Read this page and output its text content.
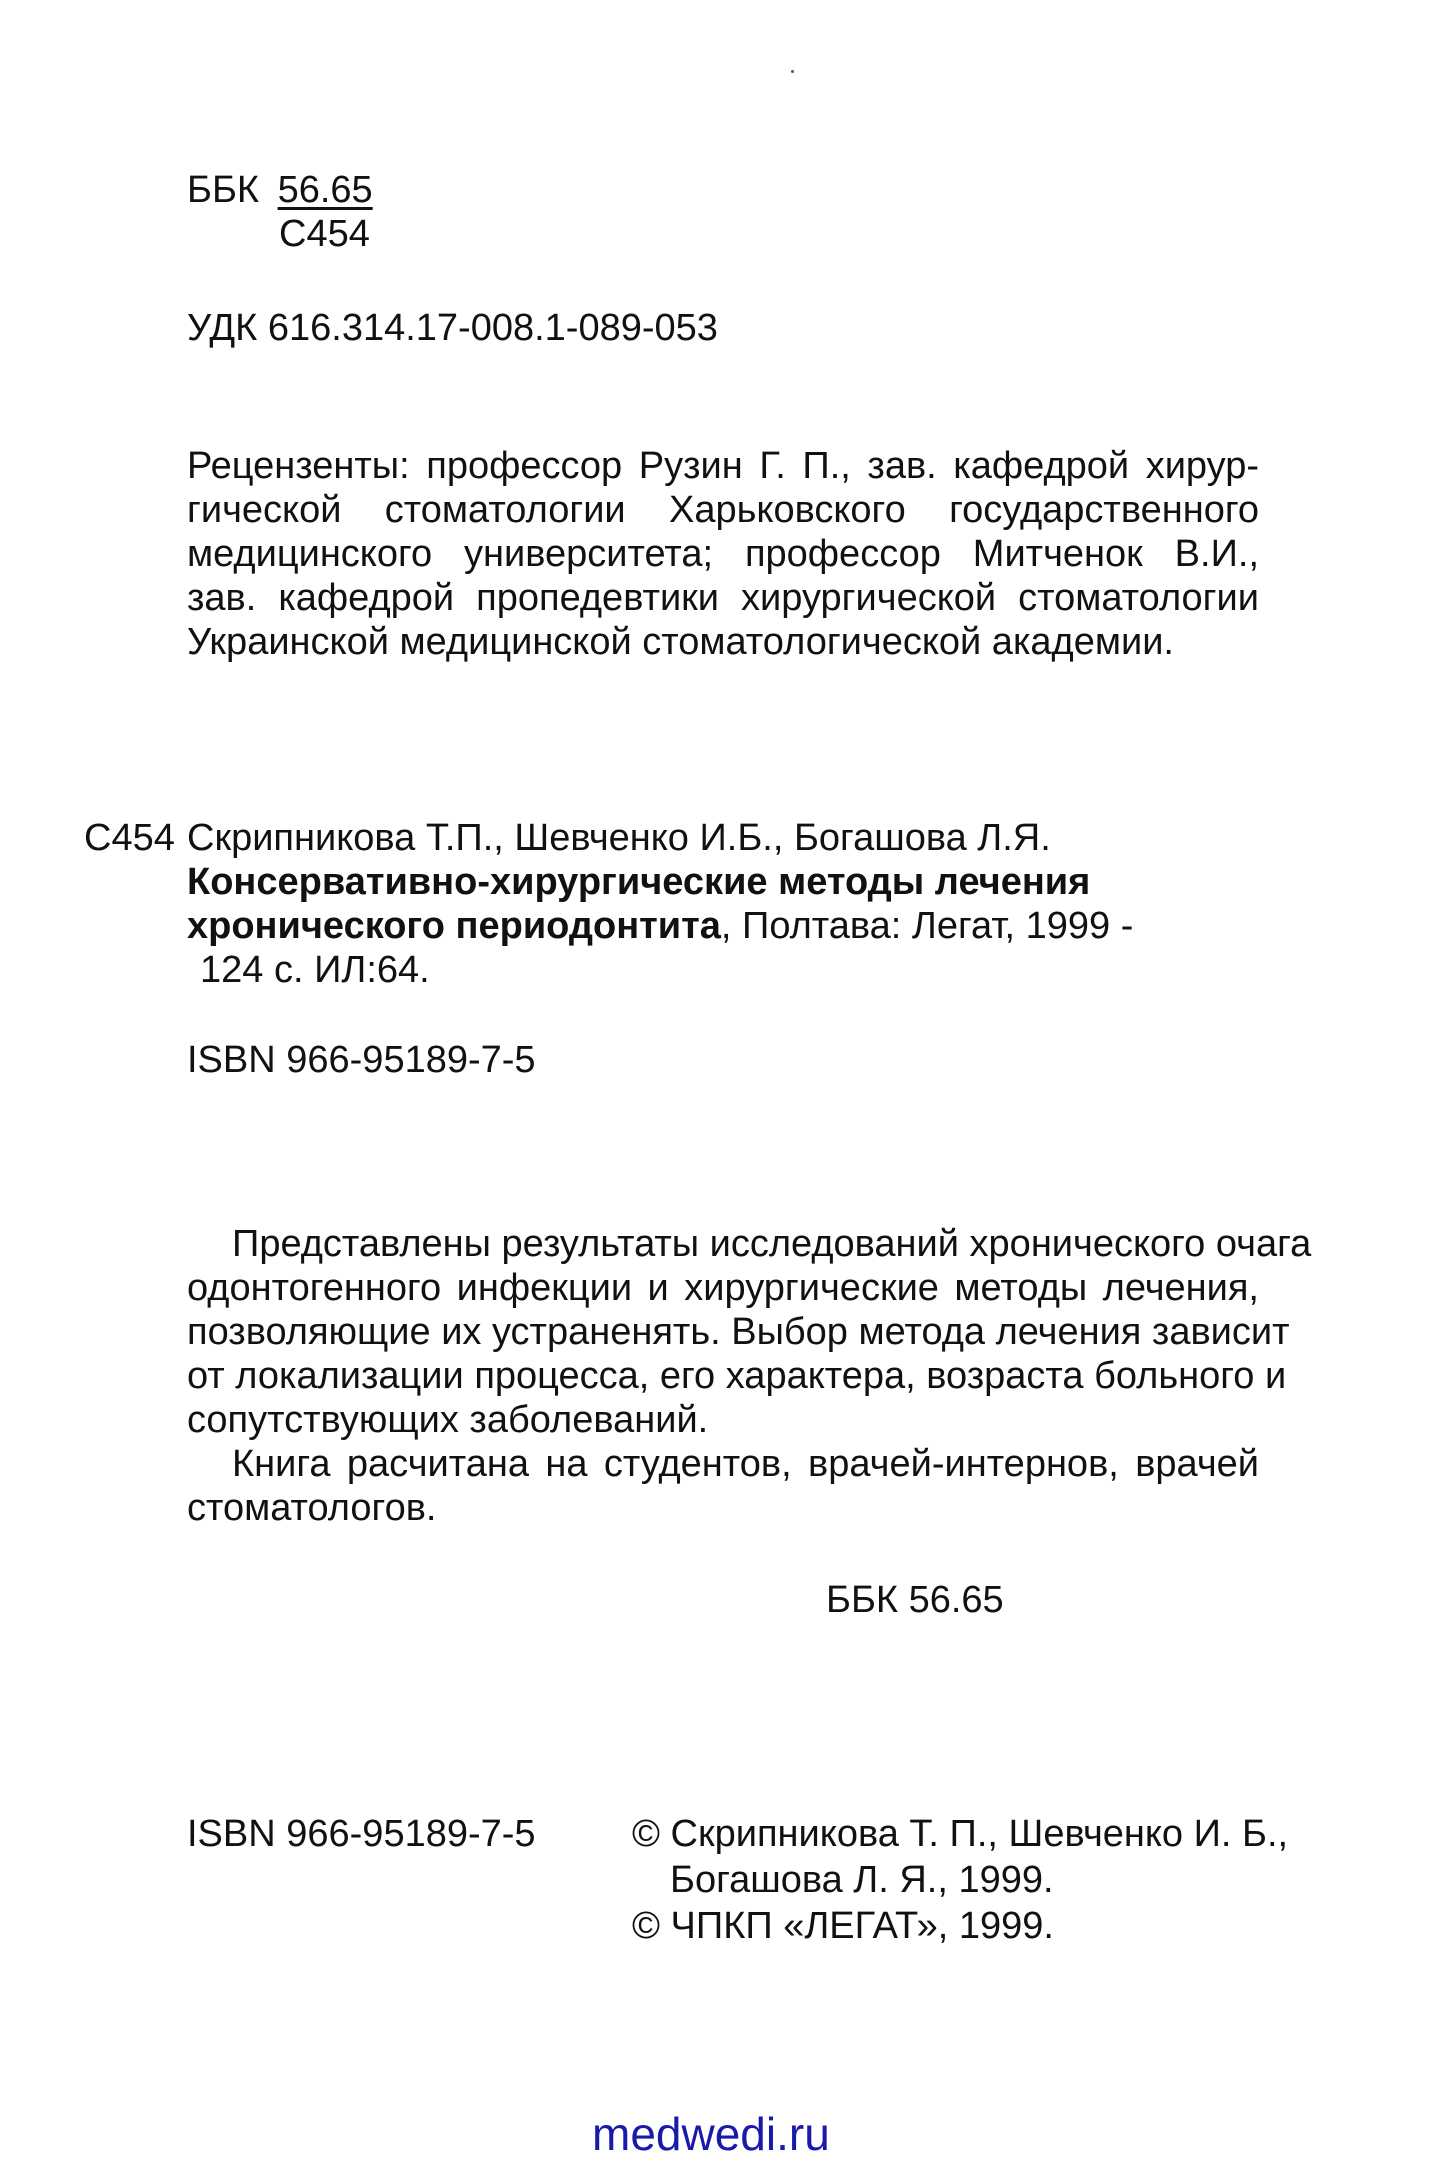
ББК 56.65
С454
УДК 616.314.17-008.1-089-053
Рецензенты: профессор Рузин Г. П., зав. кафедрой хирур-
гической стоматологии Харьковского государственного
медицинского университета; профессор Митченок В.И.,
зав. кафедрой пропедевтики хирургической стоматологии
Украинской медицинской стоматологической академии.
С454 Скрипникова Т.П., Шевченко И.Б., Богашова Л.Я.
Консервативно-хирургические методы лечения
хронического периодонтита, Полтава: Легат, 1999 -
124 с. ИЛ:64.
ISBN 966-95189-7-5
Представлены результаты исследований хронического очага
одонтогенного инфекции и хирургические методы лечения,
позволяющие их устраненять. Выбор метода лечения зависит
от локализации процесса, его характера, возраста больного и
сопутствующих заболеваний.
Книга расчитана на студентов, врачей-интернов, врачей
стоматологов.
ББК 56.65
ISBN 966-95189-7-5	© Скрипникова Т. П., Шевченко И. Б.,
Богашова Л. Я., 1999.
© ЧПКП «ЛЕГАТ», 1999.
medwedi.ru
